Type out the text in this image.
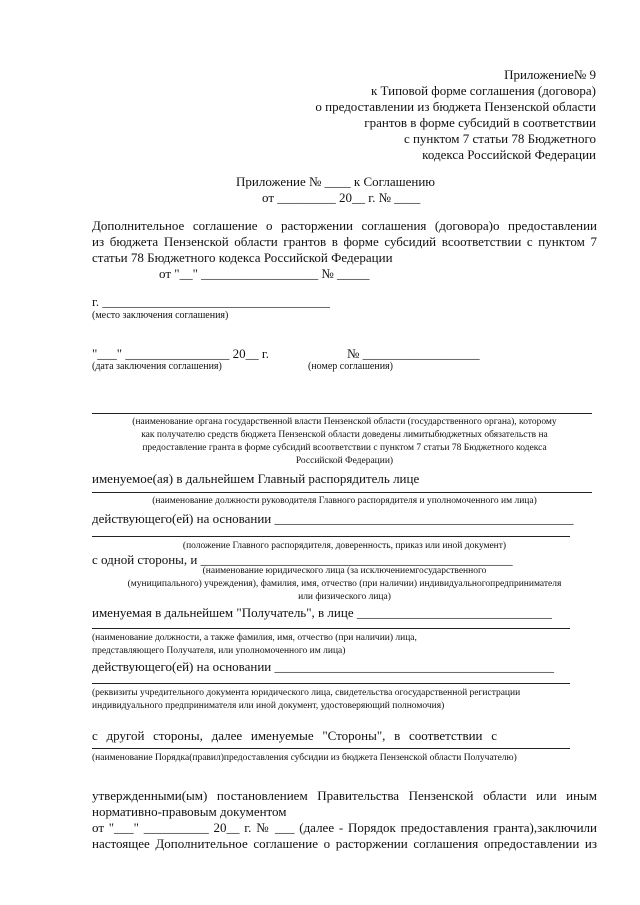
Приложение№ 9
к Типовой форме соглашения (договора)
о предоставлении из бюджета Пензенской области
грантов в форме субсидий в соответствии
с пунктом 7 статьи 78 Бюджетного
кодекса Российской Федерации
Приложение № ____ к Соглашению
от _________ 20__ г. № ____
Дополнительное соглашение о расторжении соглашения (договора)о предоставлении
из бюджета Пензенской области грантов в форме субсидий всоответствии с пунктом 7
статьи 78 Бюджетного кодекса Российской Федерации
от "__" __________________ № _____
г. ___________________________________
(место заключения соглашения)
"___" ________________ 20__ г.	№ __________________
(дата заключения соглашения)	(номер соглашения)
(наименование органа государственной власти Пензенской области (государственного органа), которому
как получателю средств бюджета Пензенской области доведены лимитыбюджетных обязательств на
предоставление гранта в форме субсидий всоответствии с пунктом 7 статьи 78 Бюджетного кодекса
Российской Федерации)
именуемое(ая) в дальнейшем Главный распорядитель лице
(наименование должности руководителя Главного распорядителя и уполномоченного им лица)
действующего(ей) на основании ______________________________________________
(положение Главного распорядителя, доверенность, приказ или иной документ)
с одной стороны, и ________________________________________________
(наименование юридического лица (за исключениемгосударственного
(муниципального) учреждения), фамилия, имя, отчество (при наличии) индивидуальногопредпринимателя
или физического лица)
именуемая в дальнейшем "Получатель", в лице ______________________________
(наименование должности, а также фамилия, имя, отчество (при наличии) лица,
представляющего Получателя, или уполномоченного им лица)
действующего(ей) на основании ___________________________________________
(реквизиты учредительного документа юридического лица, свидетельства огосударственной регистрации
индивидуального предпринимателя или иной документ, удостоверяющий полномочия)
с другой стороны, далее именуемые "Стороны", в соответствии с
(наименование Порядка(правил)предоставления субсидии из бюджета Пензенской области Получателю)
утвержденными(ым) постановлением Правительства Пензенской области или иным
нормативно-правовым документом
от "___" __________ 20__ г. № ___ (далее - Порядок предоставления гранта),заключили
настоящее Дополнительное соглашение о расторжении соглашения опредоставлении из
